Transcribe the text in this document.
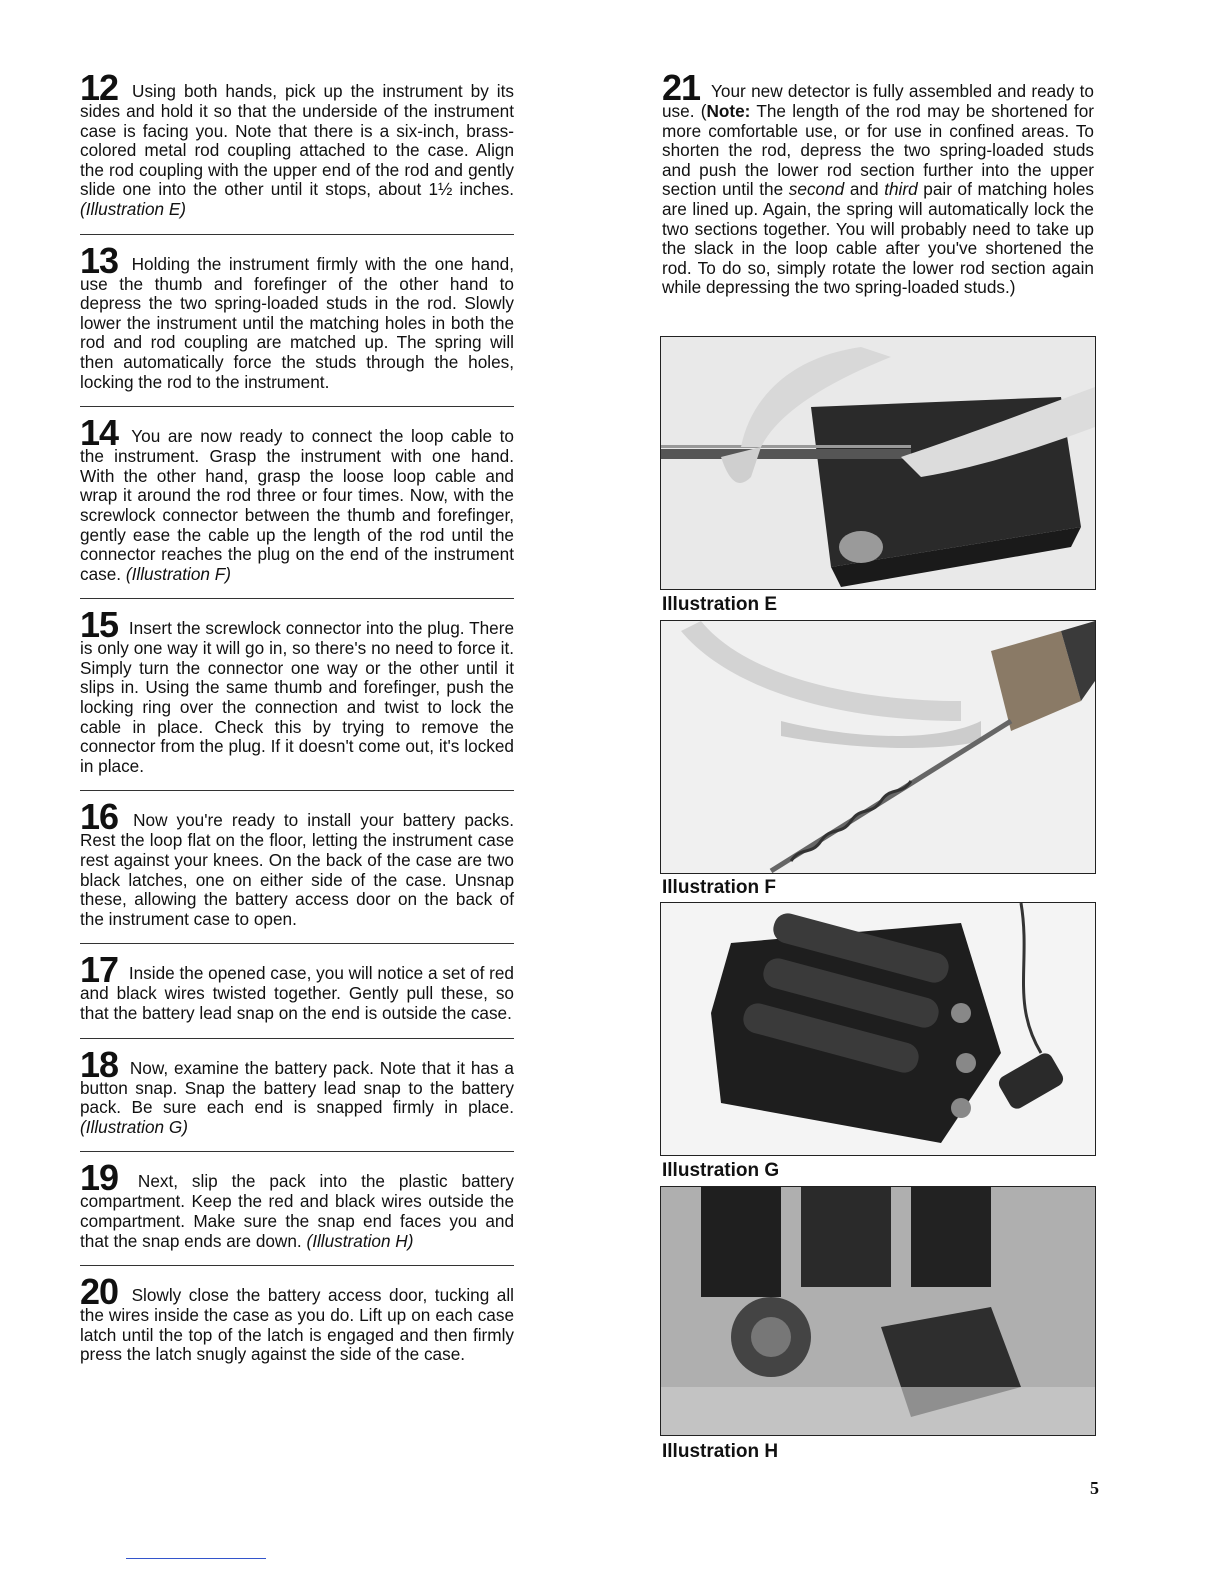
12 Using both hands, pick up the instrument by its sides and hold it so that the underside of the instrument case is facing you. Note that there is a six-inch, brass-colored metal rod coupling attached to the case. Align the rod coupling with the upper end of the rod and gently slide one into the other until it stops, about 1½ inches. (Illustration E)

13 Holding the instrument firmly with the one hand, use the thumb and forefinger of the other hand to depress the two spring-loaded studs in the rod. Slowly lower the instrument until the matching holes in both the rod and rod coupling are matched up. The spring will then automatically force the studs through the holes, locking the rod to the instrument.

14 You are now ready to connect the loop cable to the instrument. Grasp the instrument with one hand. With the other hand, grasp the loose loop cable and wrap it around the rod three or four times. Now, with the screwlock connector between the thumb and forefinger, gently ease the cable up the length of the rod until the connector reaches the plug on the end of the instrument case. (Illustration F)

15 Insert the screwlock connector into the plug. There is only one way it will go in, so there's no need to force it. Simply turn the connector one way or the other until it slips in. Using the same thumb and forefinger, push the locking ring over the connection and twist to lock the cable in place. Check this by trying to remove the connector from the plug. If it doesn't come out, it's locked in place.

16 Now you're ready to install your battery packs. Rest the loop flat on the floor, letting the instrument case rest against your knees. On the back of the case are two black latches, one on either side of the case. Unsnap these, allowing the battery access door on the back of the instrument case to open.

17 Inside the opened case, you will notice a set of red and black wires twisted together. Gently pull these, so that the battery lead snap on the end is outside the case.

18 Now, examine the battery pack. Note that it has a button snap. Snap the battery lead snap to the battery pack. Be sure each end is snapped firmly in place. (Illustration G)

19 Next, slip the pack into the plastic battery compartment. Keep the red and black wires outside the compartment. Make sure the snap end faces you and that the snap ends are down. (Illustration H)

20 Slowly close the battery access door, tucking all the wires inside the case as you do. Lift up on each case latch until the top of the latch is engaged and then firmly press the latch snugly against the side of the case.

21 Your new detector is fully assembled and ready to use. (Note: The length of the rod may be shortened for more comfortable use, or for use in confined areas. To shorten the rod, depress the two spring-loaded studs and push the lower rod section further into the upper section until the second and third pair of matching holes are lined up. Again, the spring will automatically lock the two sections together. You will probably need to take up the slack in the loop cable after you've shortened the rod. To do so, simply rotate the lower rod section again while depressing the two spring-loaded studs.)

Illustration E
Illustration F
Illustration G
Illustration H
5
